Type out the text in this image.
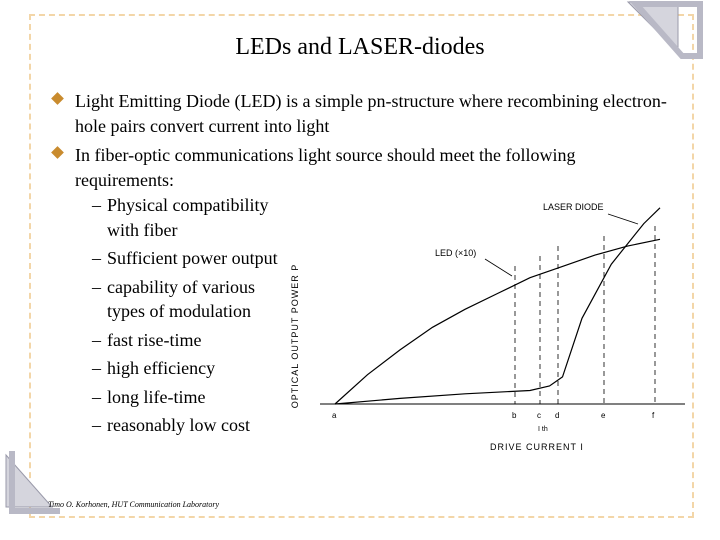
LEDs and LASER-diodes
Light Emitting Diode (LED) is a simple pn-structure where recombining electron-hole pairs convert current into light
In fiber-optic communications light source should meet the following requirements:
– Physical compatibility with fiber
– Sufficient power output
– capability of various types of modulation
– fast rise-time
– high efficiency
– long life-time
– reasonably low cost
OPTICAL OUTPUT POWER P
DRIVE CURRENT I
a	b	c d	e	f
LASER DIODE
LED (×10)
I th
Timo O. Korhonen, HUT Communication Laboratory
